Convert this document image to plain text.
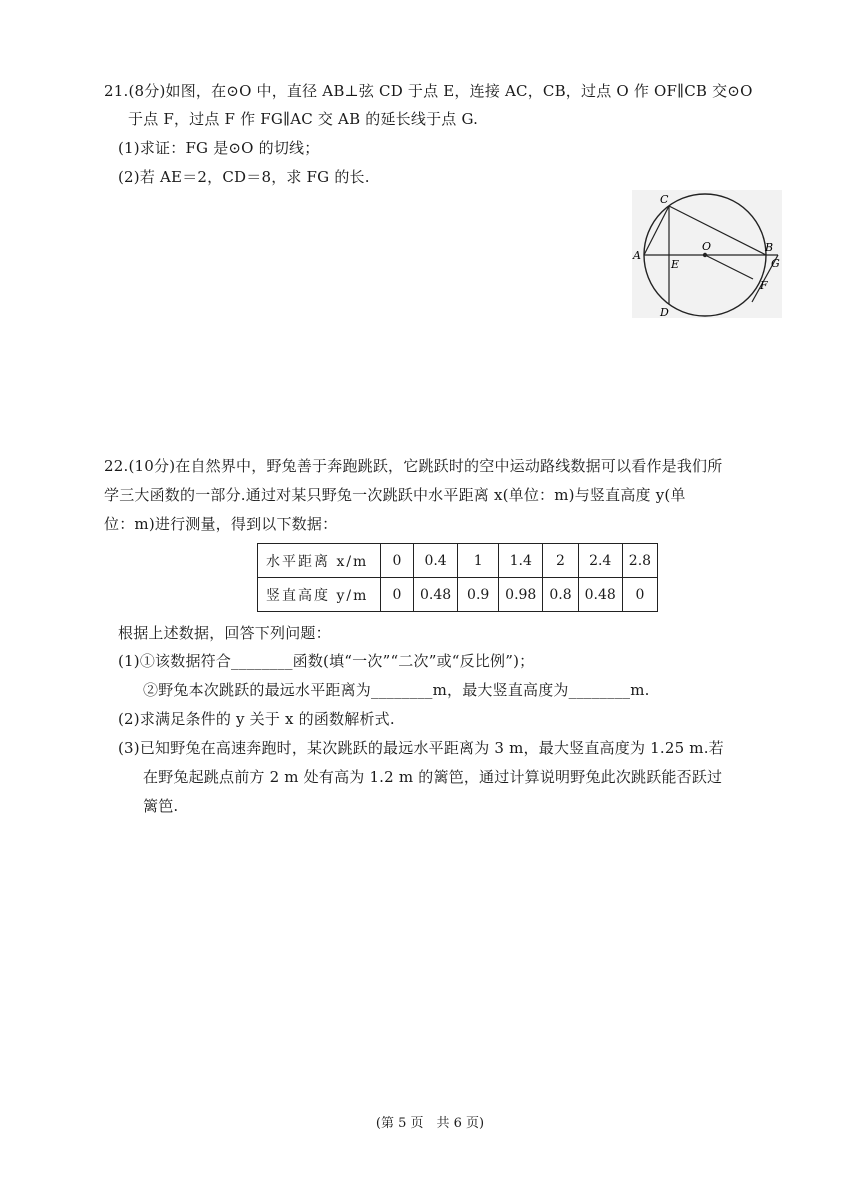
21.(8分)如图，在⊙O 中，直径 AB⊥弦 CD 于点 E，连接 AC，CB，过点 O 作 OF∥CB 交⊙O
于点 F，过点 F 作 FG∥AC 交 AB 的延长线于点 G.
(1)求证：FG 是⊙O 的切线；
(2)若 AE＝2，CD＝8，求 FG 的长.
C
A
E
O	B
G
F
D
22.(10分)在自然界中，野兔善于奔跑跳跃，它跳跃时的空中运动路线数据可以看作是我们所
学三大函数的一部分.通过对某只野兔一次跳跃中水平距离 x(单位：m)与竖直高度 y(单
位：m)进行测量，得到以下数据：
水平距离 x/m	0	0.4	1	1.4	2	2.4	2.8
竖直高度 y/m	0	0.48	0.9	0.98	0.8	0.48	0
根据上述数据，回答下列问题：
(1)①该数据符合________函数(填“一次”“二次”或“反比例”)；
②野兔本次跳跃的最远水平距离为________m，最大竖直高度为________m.
(2)求满足条件的 y 关于 x 的函数解析式.
(3)已知野兔在高速奔跑时，某次跳跃的最远水平距离为 3 m，最大竖直高度为 1.25 m.若
在野兔起跳点前方 2 m 处有高为 1.2 m 的篱笆，通过计算说明野兔此次跳跃能否跃过
篱笆.
(第 5 页　共 6 页)
